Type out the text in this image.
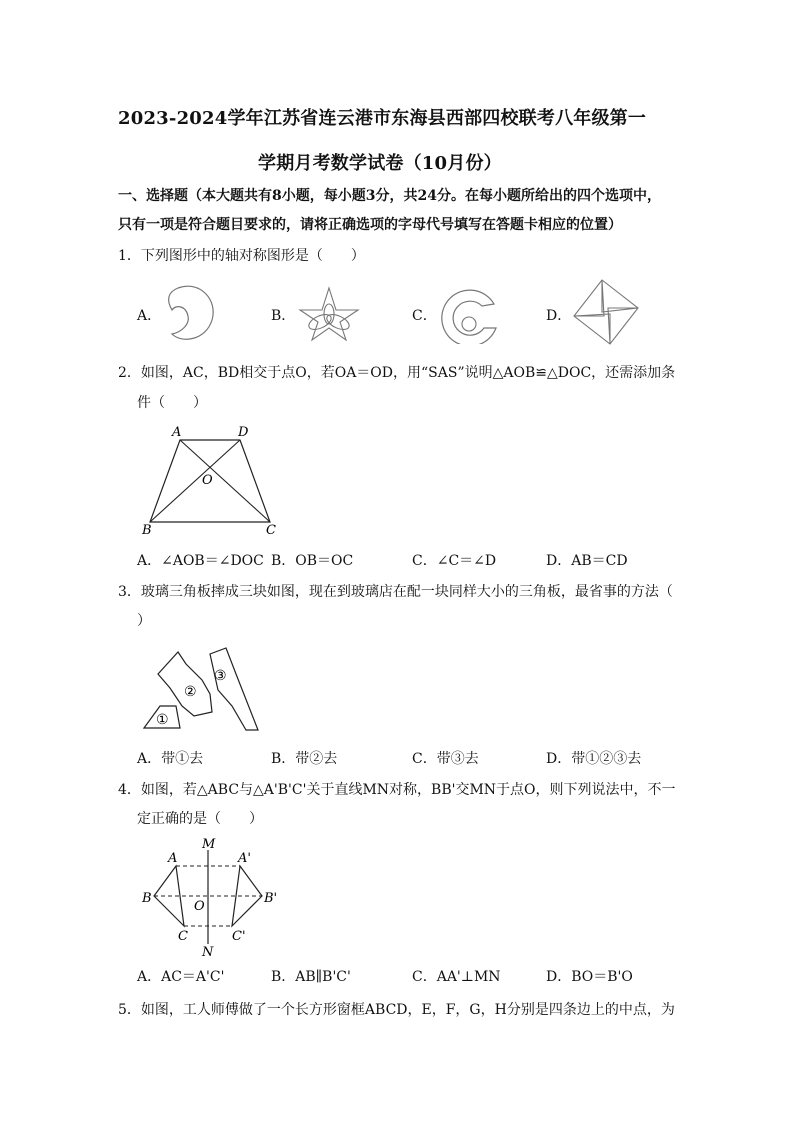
2023-2024学年江苏省连云港市东海县西部四校联考八年级第一
学期月考数学试卷（10月份）
一、选择题（本大题共有8小题，每小题3分，共24分。在每小题所给出的四个选项中，
只有一项是符合题目要求的，请将正确选项的字母代号填写在答题卡相应的位置）
1．下列图形中的轴对称图形是（　　）
A．	B．	C．	D．
2．如图，AC，BD相交于点O，若OA＝OD，用“SAS”说明△AOB≌△DOC，还需添加条
件（　　）
A	D
O
B	C
A．∠AOB＝∠DOC B．OB＝OC	C．∠C＝∠D	D．AB＝CD
3．玻璃三角板摔成三块如图，现在到玻璃店在配一块同样大小的三角板，最省事的方法（
）
①
②
③
A．带①去	B．带②去	C．带③去	D．带①②③去
4．如图，若△ABC与△A'B'C'关于直线MN对称，BB'交MN于点O，则下列说法中，不一
定正确的是（　　）
M
A	A'
B
O
B'
C	C'
N
A．AC＝A'C'	B．AB∥B'C'	C．AA'⊥MN	D．BO＝B'O
5．如图，工人师傅做了一个长方形窗框ABCD，E，F，G，H分别是四条边上的中点，为
